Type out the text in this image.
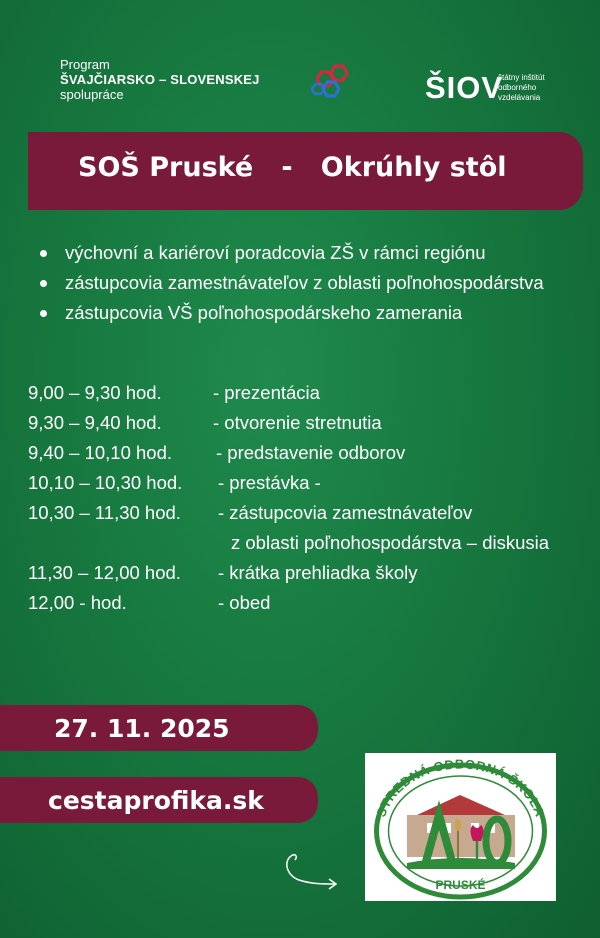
Program
ŠVAJČIARSKO – SLOVENSKEJ
spolupráce	ŠIOV
štátny inštitút
odborného
vzdelávania
SOŠ Pruské   -   Okrúhly stôl
výchovní a kariéroví poradcovia ZŠ v rámci regiónu
zástupcovia zamestnávateľov z oblasti poľnohospodárstva
zástupcovia VŠ poľnohospodárskeho zamerania
9,00 – 9,30 hod.	- prezentácia
9,30 – 9,40 hod.	- otvorenie stretnutia
9,40 – 10,10 hod. - predstavenie odborov
10,10 – 10,30 hod. - prestávka -
10,30 – 11,30 hod. - zástupcovia zamestnávateľov
z oblasti poľnohospodárstva – diskusia
11,30 – 12,00 hod. - krátka prehliadka školy
12,00 - hod.	- obed
27. 11. 2025
cestaprofika.sk	STREDNÁ ODBORNÁ ŠKOLA
PRUSKÉ
